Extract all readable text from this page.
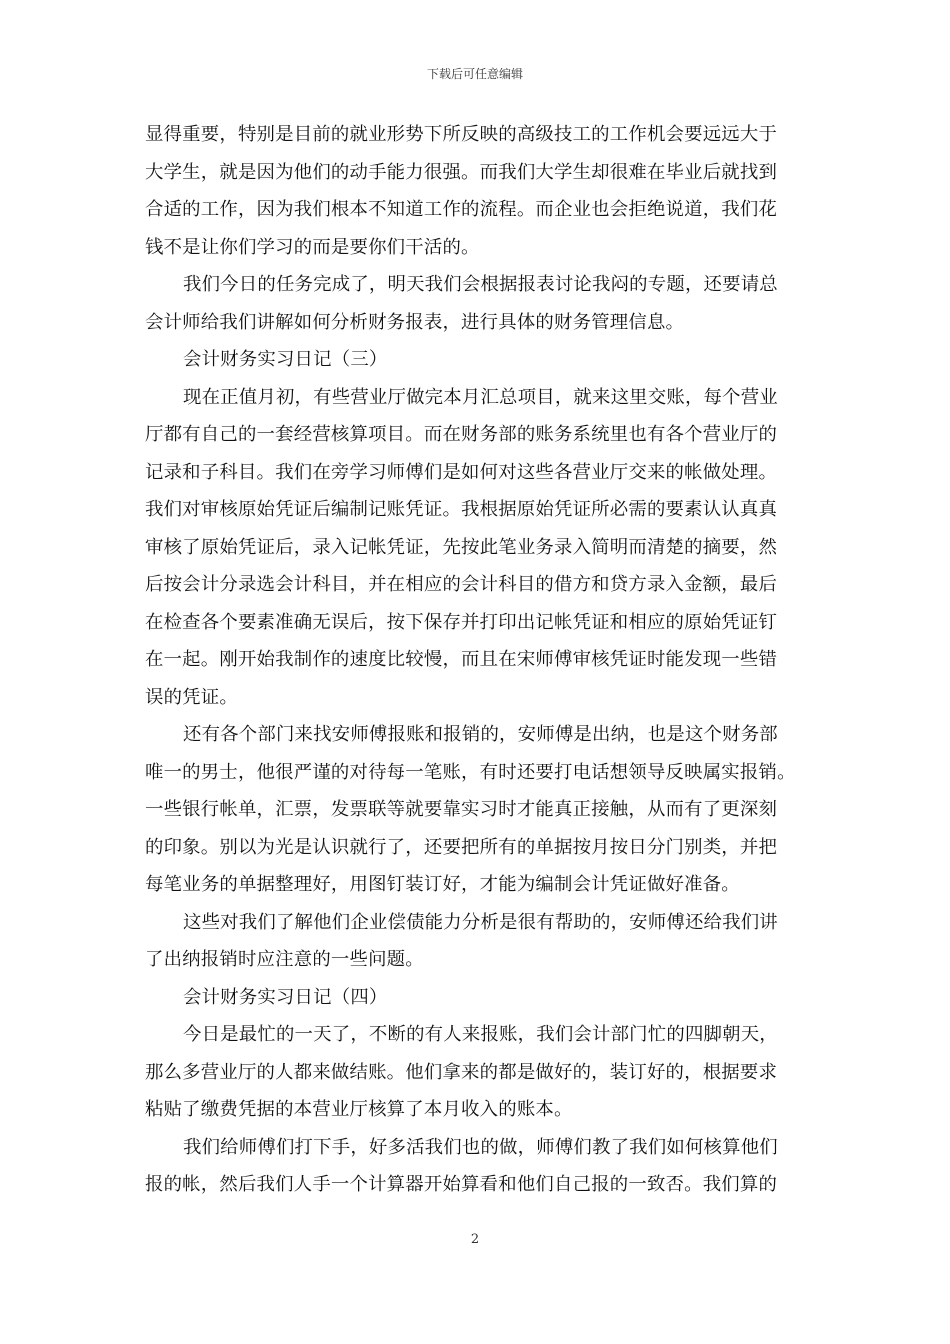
下载后可任意编辑
显得重要，特别是目前的就业形势下所反映的高级技工的工作机会要远远大于
大学生，就是因为他们的动手能力很强。而我们大学生却很难在毕业后就找到
合适的工作，因为我们根本不知道工作的流程。而企业也会拒绝说道，我们花
钱不是让你们学习的而是要你们干活的。
我们今日的任务完成了，明天我们会根据报表讨论我闷的专题，还要请总
会计师给我们讲解如何分析财务报表，进行具体的财务管理信息。
会计财务实习日记（三）
现在正值月初，有些营业厅做完本月汇总项目，就来这里交账，每个营业
厅都有自己的一套经营核算项目。而在财务部的账务系统里也有各个营业厅的
记录和子科目。我们在旁学习师傅们是如何对这些各营业厅交来的帐做处理。
我们对审核原始凭证后编制记账凭证。我根据原始凭证所必需的要素认认真真
审核了原始凭证后，录入记帐凭证，先按此笔业务录入简明而清楚的摘要，然
后按会计分录选会计科目，并在相应的会计科目的借方和贷方录入金额，最后
在检查各个要素准确无误后，按下保存并打印出记帐凭证和相应的原始凭证钉
在一起。刚开始我制作的速度比较慢，而且在宋师傅审核凭证时能发现一些错
误的凭证。
还有各个部门来找安师傅报账和报销的，安师傅是出纳，也是这个财务部
唯一的男士，他很严谨的对待每一笔账，有时还要打电话想领导反映属实报销。
一些银行帐单，汇票，发票联等就要靠实习时才能真正接触，从而有了更深刻
的印象。别以为光是认识就行了，还要把所有的单据按月按日分门别类，并把
每笔业务的单据整理好，用图钉装订好，才能为编制会计凭证做好准备。
这些对我们了解他们企业偿债能力分析是很有帮助的，安师傅还给我们讲
了出纳报销时应注意的一些问题。
会计财务实习日记（四）
今日是最忙的一天了，不断的有人来报账，我们会计部门忙的四脚朝天，
那么多营业厅的人都来做结账。他们拿来的都是做好的，装订好的，根据要求
粘贴了缴费凭据的本营业厅核算了本月收入的账本。
我们给师傅们打下手，好多活我们也的做，师傅们教了我们如何核算他们
报的帐，然后我们人手一个计算器开始算看和他们自己报的一致否。我们算的
2
